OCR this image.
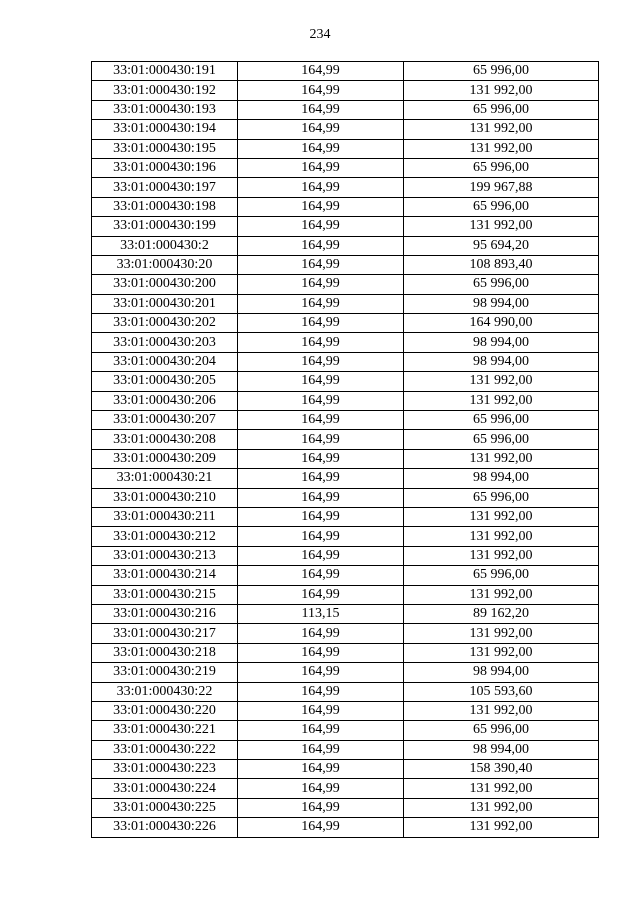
234
33:01:000430:191	164,99	65 996,00
33:01:000430:192	164,99	131 992,00
33:01:000430:193	164,99	65 996,00
33:01:000430:194	164,99	131 992,00
33:01:000430:195	164,99	131 992,00
33:01:000430:196	164,99	65 996,00
33:01:000430:197	164,99	199 967,88
33:01:000430:198	164,99	65 996,00
33:01:000430:199	164,99	131 992,00
33:01:000430:2	164,99	95 694,20
33:01:000430:20	164,99	108 893,40
33:01:000430:200	164,99	65 996,00
33:01:000430:201	164,99	98 994,00
33:01:000430:202	164,99	164 990,00
33:01:000430:203	164,99	98 994,00
33:01:000430:204	164,99	98 994,00
33:01:000430:205	164,99	131 992,00
33:01:000430:206	164,99	131 992,00
33:01:000430:207	164,99	65 996,00
33:01:000430:208	164,99	65 996,00
33:01:000430:209	164,99	131 992,00
33:01:000430:21	164,99	98 994,00
33:01:000430:210	164,99	65 996,00
33:01:000430:211	164,99	131 992,00
33:01:000430:212	164,99	131 992,00
33:01:000430:213	164,99	131 992,00
33:01:000430:214	164,99	65 996,00
33:01:000430:215	164,99	131 992,00
33:01:000430:216	113,15	89 162,20
33:01:000430:217	164,99	131 992,00
33:01:000430:218	164,99	131 992,00
33:01:000430:219	164,99	98 994,00
33:01:000430:22	164,99	105 593,60
33:01:000430:220	164,99	131 992,00
33:01:000430:221	164,99	65 996,00
33:01:000430:222	164,99	98 994,00
33:01:000430:223	164,99	158 390,40
33:01:000430:224	164,99	131 992,00
33:01:000430:225	164,99	131 992,00
33:01:000430:226	164,99	131 992,00
